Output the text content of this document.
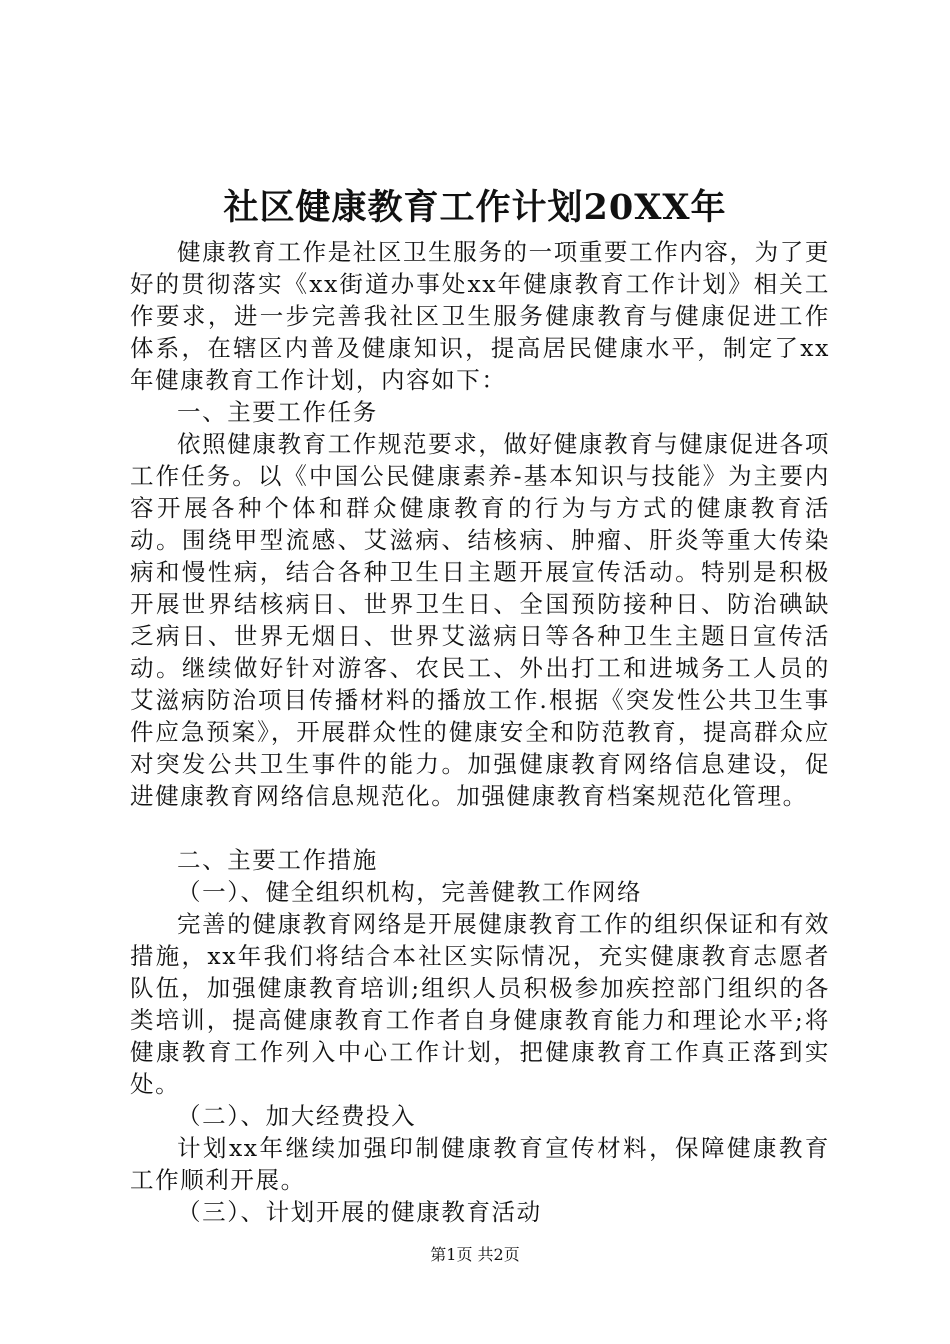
社区健康教育工作计划20XX年

健康教育工作是社区卫生服务的一项重要工作内容，为了更好的贯彻落实《xx街道办事处xx年健康教育工作计划》相关工作要求，进一步完善我社区卫生服务健康教育与健康促进工作体系，在辖区内普及健康知识，提高居民健康水平，制定了xx年健康教育工作计划，内容如下：

一、主要工作任务

依照健康教育工作规范要求，做好健康教育与健康促进各项工作任务。以《中国公民健康素养-基本知识与技能》为主要内容开展各种个体和群众健康教育的行为与方式的健康教育活动。围绕甲型流感、艾滋病、结核病、肿瘤、肝炎等重大传染病和慢性病，结合各种卫生日主题开展宣传活动。特别是积极开展世界结核病日、世界卫生日、全国预防接种日、防治碘缺乏病日、世界无烟日、世界艾滋病日等各种卫生主题日宣传活动。继续做好针对游客、农民工、外出打工和进城务工人员的艾滋病防治项目传播材料的播放工作.根据《突发性公共卫生事件应急预案》，开展群众性的健康安全和防范教育，提高群众应对突发公共卫生事件的能力。加强健康教育网络信息建设，促进健康教育网络信息规范化。加强健康教育档案规范化管理。

二、主要工作措施

（一）、健全组织机构，完善健教工作网络

完善的健康教育网络是开展健康教育工作的组织保证和有效措施，xx年我们将结合本社区实际情况，充实健康教育志愿者队伍，加强健康教育培训;组织人员积极参加疾控部门组织的各类培训，提高健康教育工作者自身健康教育能力和理论水平;将健康教育工作列入中心工作计划，把健康教育工作真正落到实处。

（二）、加大经费投入

计划xx年继续加强印制健康教育宣传材料，保障健康教育工作顺利开展。

（三）、计划开展的健康教育活动

第1页 共2页
